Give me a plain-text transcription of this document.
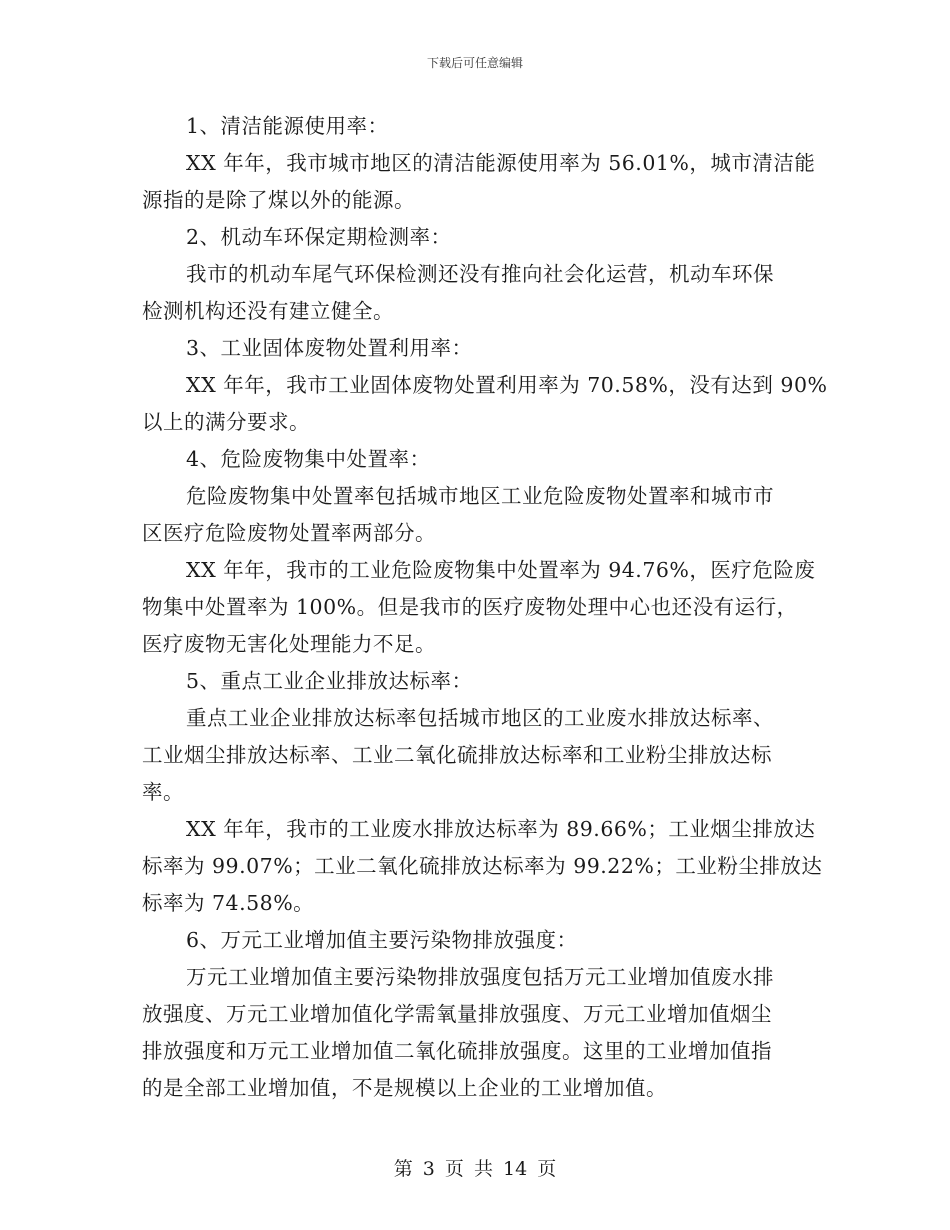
下载后可任意编辑
1、清洁能源使用率：
XX 年年，我市城市地区的清洁能源使用率为 56.01%，城市清洁能
源指的是除了煤以外的能源。
2、机动车环保定期检测率：
我市的机动车尾气环保检测还没有推向社会化运营，机动车环保
检测机构还没有建立健全。
3、工业固体废物处置利用率：
XX 年年，我市工业固体废物处置利用率为 70.58%，没有达到 90%
以上的满分要求。
4、危险废物集中处置率：
危险废物集中处置率包括城市地区工业危险废物处置率和城市市
区医疗危险废物处置率两部分。
XX 年年，我市的工业危险废物集中处置率为 94.76%，医疗危险废
物集中处置率为 100%。但是我市的医疗废物处理中心也还没有运行，
医疗废物无害化处理能力不足。
5、重点工业企业排放达标率：
重点工业企业排放达标率包括城市地区的工业废水排放达标率、
工业烟尘排放达标率、工业二氧化硫排放达标率和工业粉尘排放达标
率。
XX 年年，我市的工业废水排放达标率为 89.66%；工业烟尘排放达
标率为 99.07%；工业二氧化硫排放达标率为 99.22%；工业粉尘排放达
标率为 74.58%。
6、万元工业增加值主要污染物排放强度：
万元工业增加值主要污染物排放强度包括万元工业增加值废水排
放强度、万元工业增加值化学需氧量排放强度、万元工业增加值烟尘
排放强度和万元工业增加值二氧化硫排放强度。这里的工业增加值指
的是全部工业增加值，不是规模以上企业的工业增加值。
第 3 页 共 14 页
